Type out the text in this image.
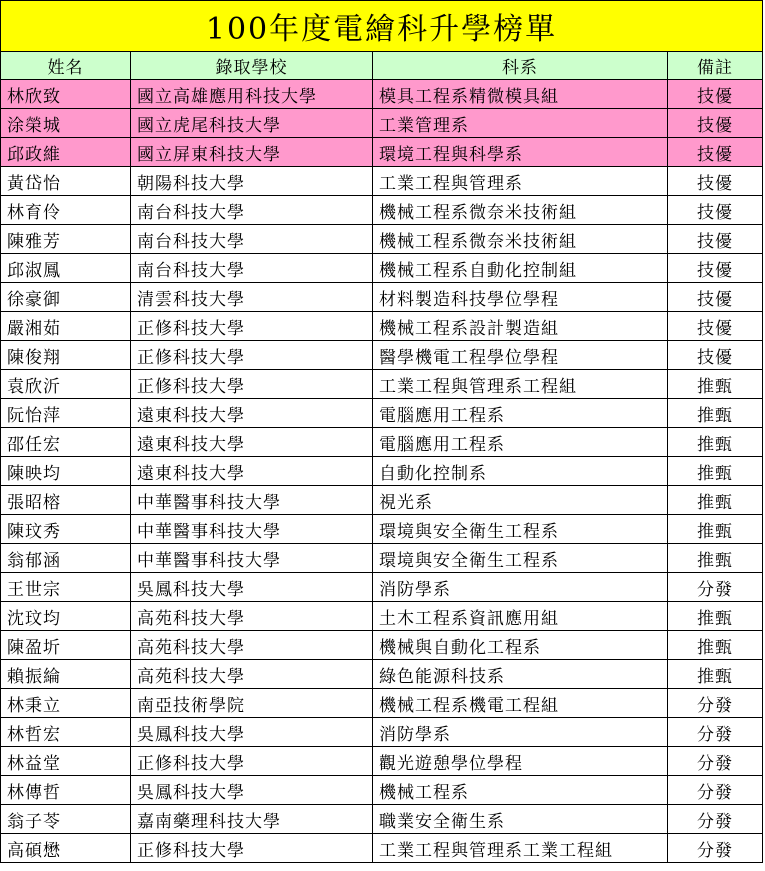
100年度電繪科升學榜單			
姓名	錄取學校	科系	備註
林欣致	國立高雄應用科技大學	模具工程系精微模具組	技優
涂榮城	國立虎尾科技大學	工業管理系	技優
邱政維	國立屏東科技大學	環境工程與科學系	技優
黃岱怡	朝陽科技大學	工業工程與管理系	技優
林育伶	南台科技大學	機械工程系微奈米技術組	技優
陳雅芳	南台科技大學	機械工程系微奈米技術組	技優
邱淑鳳	南台科技大學	機械工程系自動化控制組	技優
徐豪御	清雲科技大學	材料製造科技學位學程	技優
嚴湘茹	正修科技大學	機械工程系設計製造組	技優
陳俊翔	正修科技大學	醫學機電工程學位學程	技優
袁欣沂	正修科技大學	工業工程與管理系工程組	推甄
阮怡萍	遠東科技大學	電腦應用工程系	推甄
邵任宏	遠東科技大學	電腦應用工程系	推甄
陳映均	遠東科技大學	自動化控制系	推甄
張昭榕	中華醫事科技大學	視光系	推甄
陳玟秀	中華醫事科技大學	環境與安全衛生工程系	推甄
翁郁涵	中華醫事科技大學	環境與安全衛生工程系	推甄
王世宗	吳鳳科技大學	消防學系	分發
沈玟均	高苑科技大學	土木工程系資訊應用組	推甄
陳盈圻	高苑科技大學	機械與自動化工程系	推甄
賴振綸	高苑科技大學	綠色能源科技系	推甄
林秉立	南亞技術學院	機械工程系機電工程組	分發
林哲宏	吳鳳科技大學	消防學系	分發
林益堂	正修科技大學	觀光遊憩學位學程	分發
林傳哲	吳鳳科技大學	機械工程系	分發
翁子苓	嘉南藥理科技大學	職業安全衛生系	分發
高碩懋	正修科技大學	工業工程與管理系工業工程組	分發
